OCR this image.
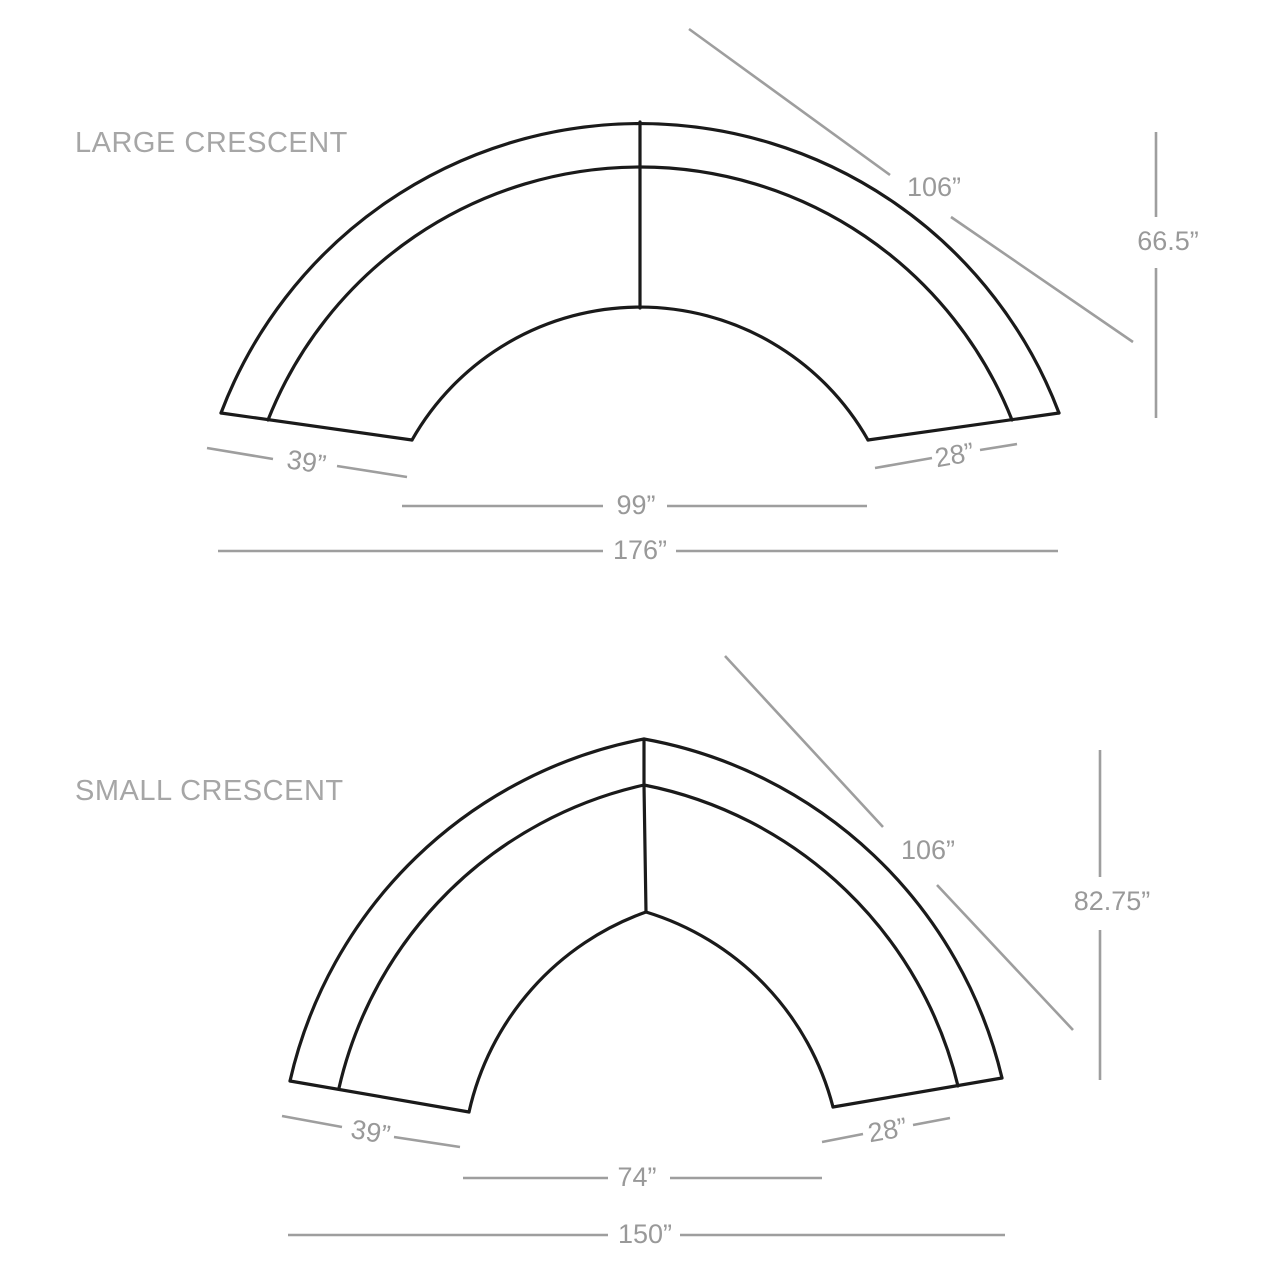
LARGE CRESCENT
106”
66.5”
39”	28”
99”
176”
SMALL CRESCENT
106”
82.75”
39”	28”
74”
150”
